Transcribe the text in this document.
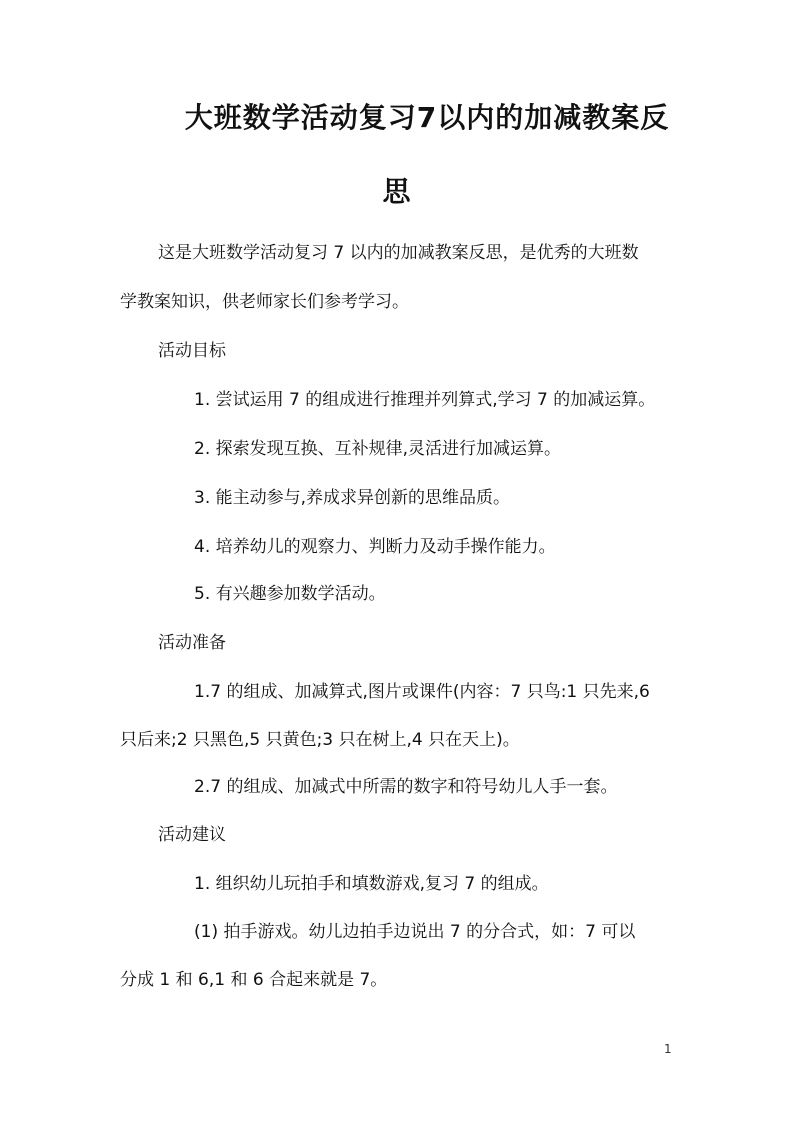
大班数学活动复习7以内的加减教案反
思
这是大班数学活动复习 7 以内的加减教案反思，是优秀的大班数
学教案知识，供老师家长们参考学习。
活动目标
1. 尝试运用 7 的组成进行推理并列算式,学习 7 的加减运算。
2. 探索发现互换、互补规律,灵活进行加减运算。
3. 能主动参与,养成求异创新的思维品质。
4. 培养幼儿的观察力、判断力及动手操作能力。
5. 有兴趣参加数学活动。
活动准备
1.7 的组成、加减算式,图片或课件(内容：7 只鸟:1 只先来,6
只后来;2 只黑色,5 只黄色;3 只在树上,4 只在天上)。
2.7 的组成、加减式中所需的数字和符号幼儿人手一套。
活动建议
1. 组织幼儿玩拍手和填数游戏,复习 7 的组成。
(1) 拍手游戏。幼儿边拍手边说出 7 的分合式，如：7 可以
分成 1 和 6,1 和 6 合起来就是 7。
1
